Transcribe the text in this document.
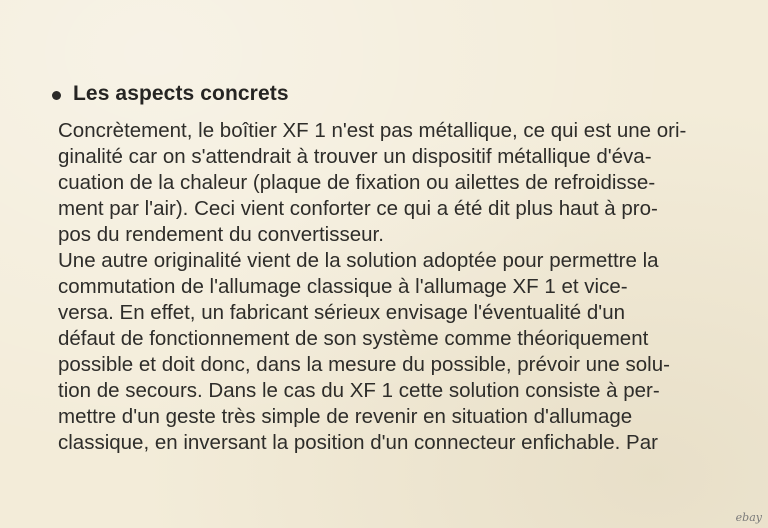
Les aspects concrets
Concrètement, le boîtier XF 1 n'est pas métallique, ce qui est une ori-
ginalité car on s'attendrait à trouver un dispositif métallique d'éva-
cuation de la chaleur (plaque de fixation ou ailettes de refroidisse-
ment par l'air). Ceci vient conforter ce qui a été dit plus haut à pro-
pos du rendement du convertisseur.
Une autre originalité vient de la solution adoptée pour permettre la
commutation de l'allumage classique à l'allumage XF 1 et vice-
versa. En effet, un fabricant sérieux envisage l'éventualité d'un
défaut de fonctionnement de son système comme théoriquement
possible et doit donc, dans la mesure du possible, prévoir une solu-
tion de secours. Dans le cas du XF 1 cette solution consiste à per-
mettre d'un geste très simple de revenir en situation d'allumage
classique, en inversant la position d'un connecteur enfichable. Par
ebay
